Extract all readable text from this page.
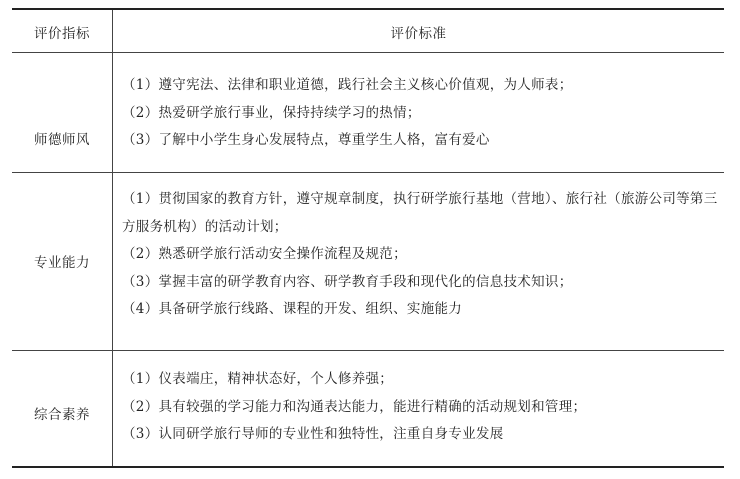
评价指标	评价标准
师德师风
（1）遵守宪法、法律和职业道德，践行社会主义核心价值观，为人师表；
（2）热爱研学旅行事业，保持持续学习的热情；
（3）了解中小学生身心发展特点，尊重学生人格，富有爱心
专业能力
（1）贯彻国家的教育方针，遵守规章制度，执行研学旅行基地（营地）、旅行社（旅游公司等第三方服务机构）的活动计划；
（2）熟悉研学旅行活动安全操作流程及规范；
（3）掌握丰富的研学教育内容、研学教育手段和现代化的信息技术知识；
（4）具备研学旅行线路、课程的开发、组织、实施能力
综合素养
（1）仪表端庄，精神状态好，个人修养强；
（2）具有较强的学习能力和沟通表达能力，能进行精确的活动规划和管理；
（3）认同研学旅行导师的专业性和独特性，注重自身专业发展
